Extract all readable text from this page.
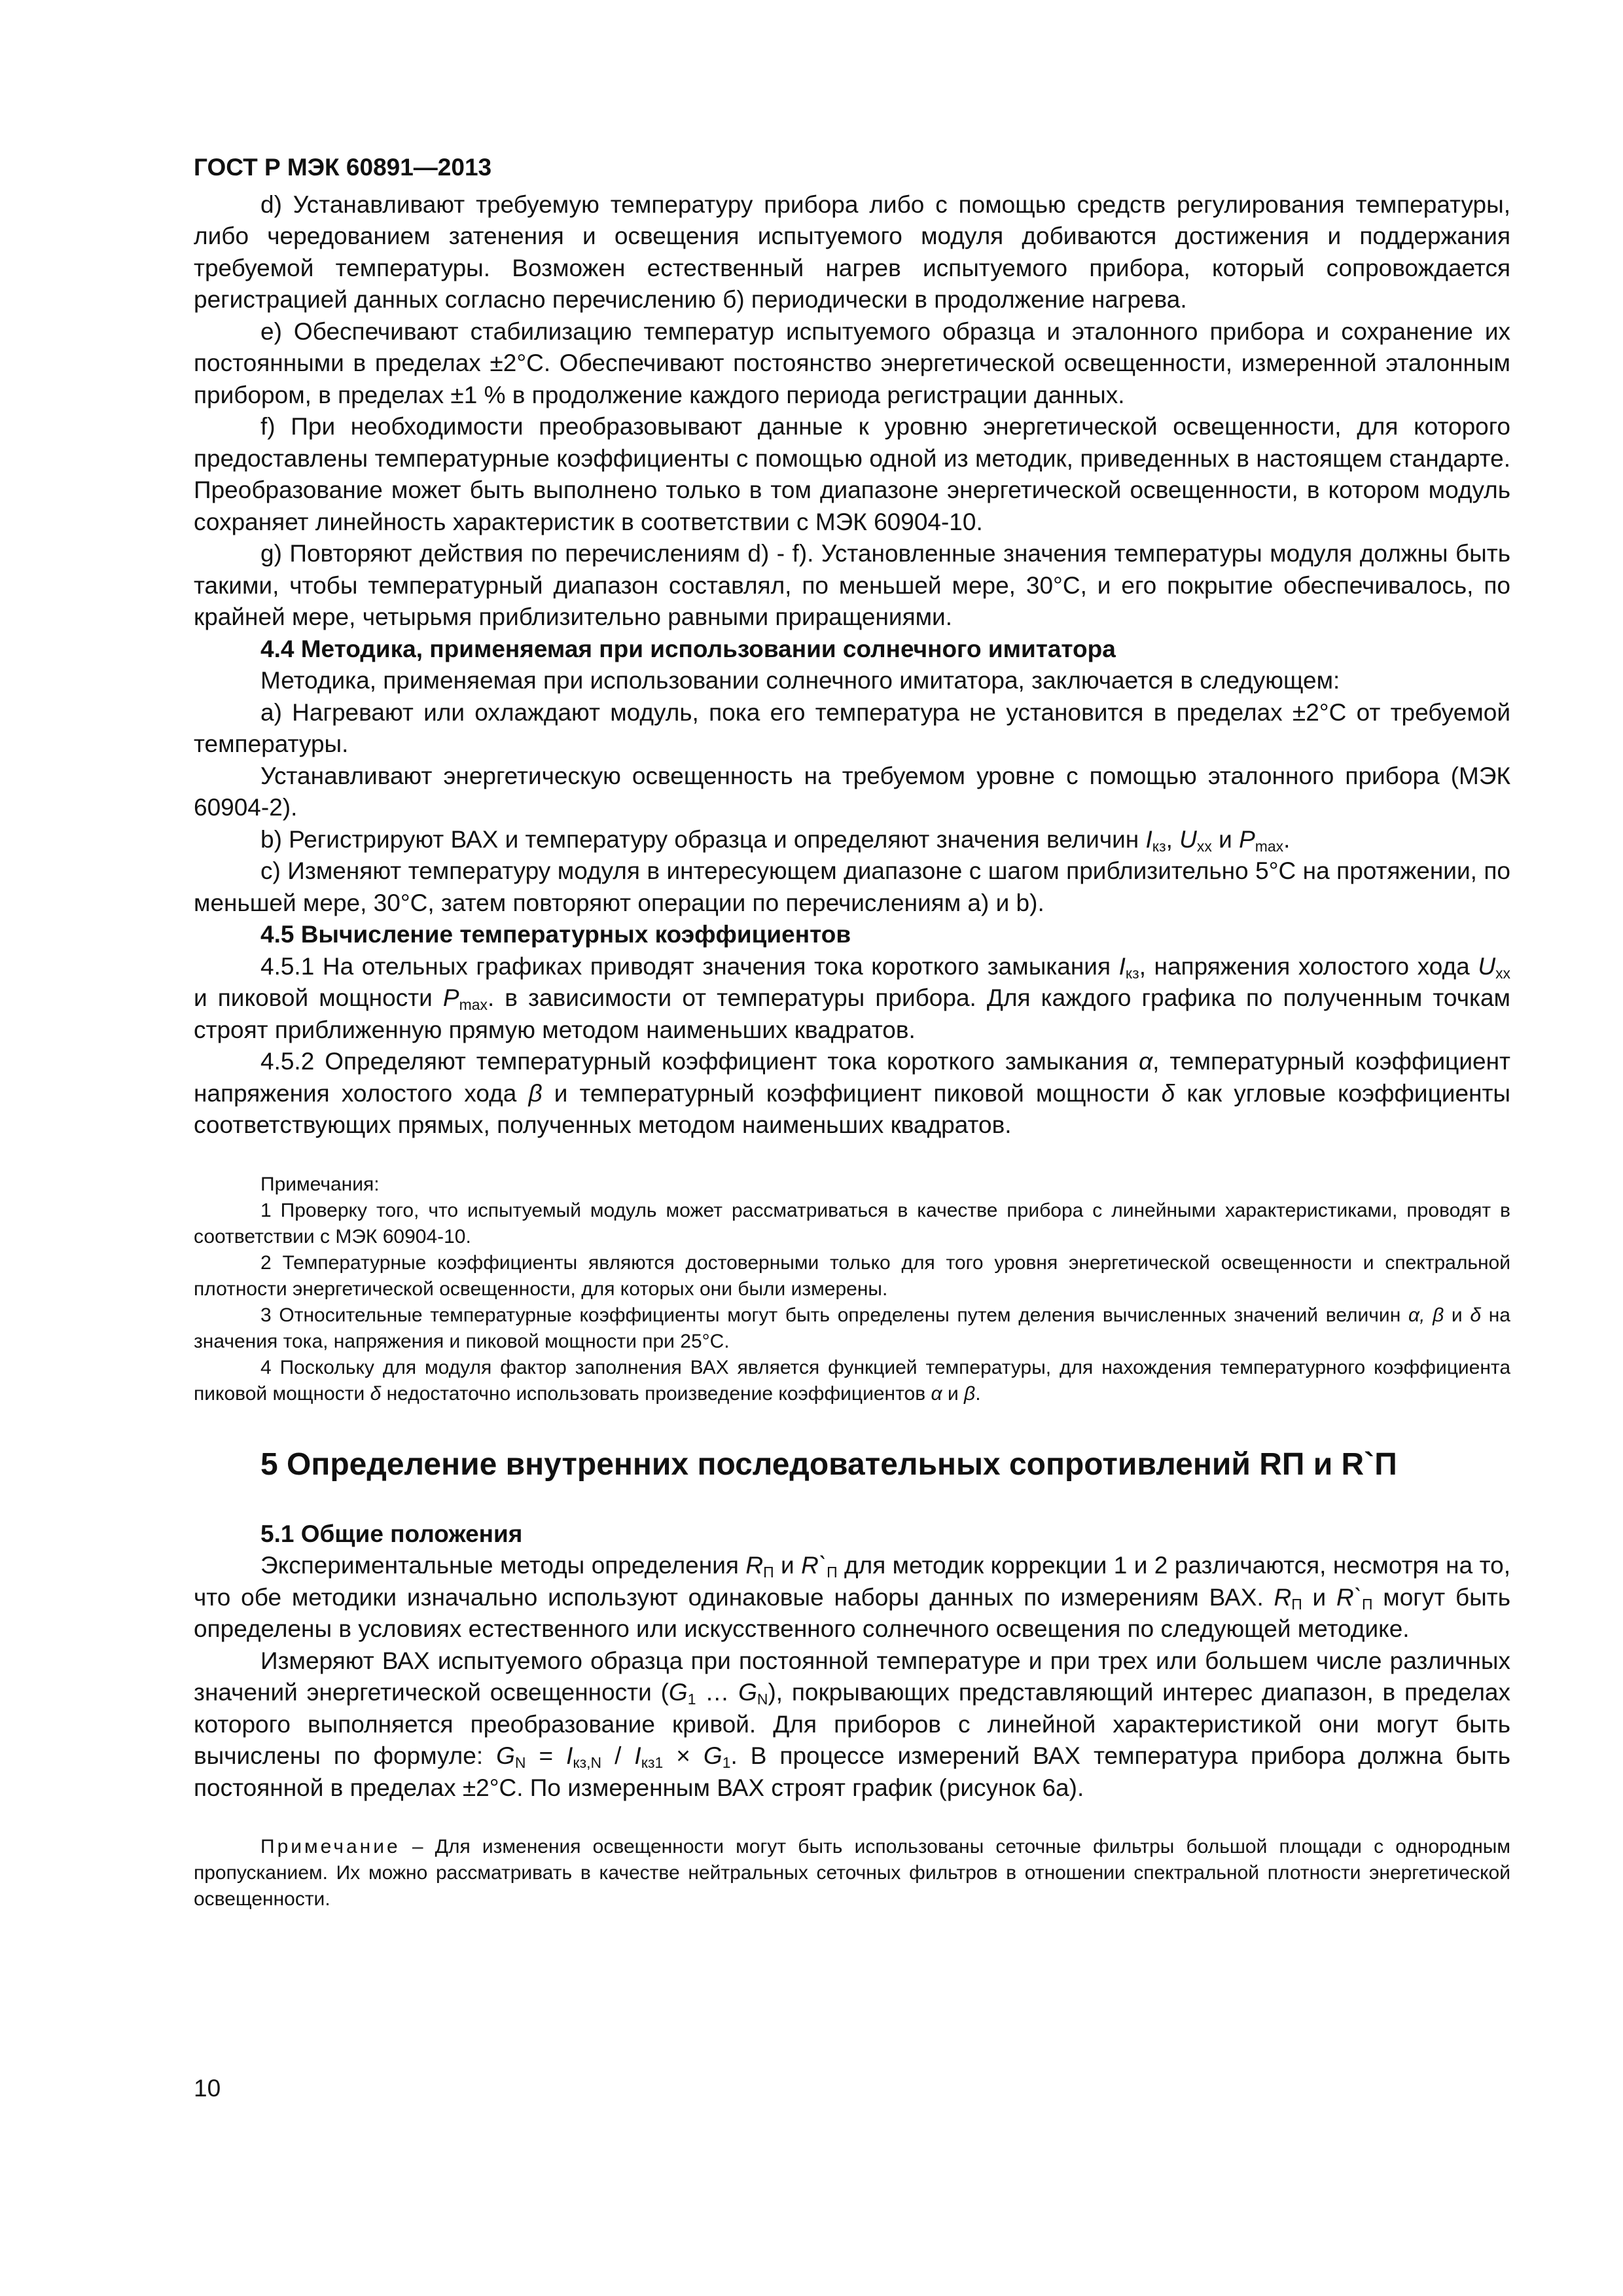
ГОСТ Р МЭК 60891—2013

d) Устанавливают требуемую температуру прибора либо с помощью средств регулирования температуры, либо чередованием затенения и освещения испытуемого модуля добиваются достижения и поддержания требуемой температуры. Возможен естественный нагрев испытуемого прибора, который сопровождается регистрацией данных согласно перечислению б) периодически в продолжение нагрева.

е) Обеспечивают стабилизацию температур испытуемого образца и эталонного прибора и сохранение их постоянными в пределах ±2°С. Обеспечивают постоянство энергетической освещенности, измеренной эталонным прибором, в пределах ±1 % в продолжение каждого периода регистрации данных.

f) При необходимости преобразовывают данные к уровню энергетической освещенности, для которого предоставлены температурные коэффициенты с помощью одной из методик, приведенных в настоящем стандарте. Преобразование может быть выполнено только в том диапазоне энергетической освещенности, в котором модуль сохраняет линейность характеристик в соответствии с МЭК 60904-10.

g) Повторяют действия по перечислениям d) - f). Установленные значения температуры модуля должны быть такими, чтобы температурный диапазон составлял, по меньшей мере, 30°С, и его покрытие обеспечивалось, по крайней мере, четырьмя приблизительно равными приращениями.

4.4 Методика, применяемая при использовании солнечного имитатора

Методика, применяемая при использовании солнечного имитатора, заключается в следующем:

а) Нагревают или охлаждают модуль, пока его температура не установится в пределах ±2°С от требуемой температуры.

Устанавливают энергетическую освещенность на требуемом уровне с помощью эталонного прибора (МЭК 60904-2).

b) Регистрируют ВАХ и температуру образца и определяют значения величин $I_{кз}$, $U_{хх}$ и $P_{max}$.

c) Изменяют температуру модуля в интересующем диапазоне с шагом приблизительно 5°С на протяжении, по меньшей мере, 30°С, затем повторяют операции по перечислениям а) и b).

4.5 Вычисление температурных коэффициентов

4.5.1 На отельных графиках приводят значения тока короткого замыкания $I_{кз}$, напряжения холостого хода $U_{хх}$ и пиковой мощности $P_{max}$. в зависимости от температуры прибора. Для каждого графика по полученным точкам строят приближенную прямую методом наименьших квадратов.

4.5.2 Определяют температурный коэффициент тока короткого замыкания α, температурный коэффициент напряжения холостого хода β и температурный коэффициент пиковой мощности δ как угловые коэффициенты соответствующих прямых, полученных методом наименьших квадратов.

Примечания:

1 Проверку того, что испытуемый модуль может рассматриваться в качестве прибора с линейными характеристиками, проводят в соответствии с МЭК 60904-10.

2 Температурные коэффициенты являются достоверными только для того уровня энергетической освещенности и спектральной плотности энергетической освещенности, для которых они были измерены.

3 Относительные температурные коэффициенты могут быть определены путем деления вычисленных значений величин α, β и δ на значения тока, напряжения и пиковой мощности при 25°С.

4 Поскольку для модуля фактор заполнения ВАХ является функцией температуры, для нахождения температурного коэффициента пиковой мощности δ недостаточно использовать произведение коэффициентов α и β.

5 Определение внутренних последовательных сопротивлений RП и R`П
5.1 Общие положения

Экспериментальные методы определения $R_П$ и $R`_П$ для методик коррекции 1 и 2 различаются, несмотря на то, что обе методики изначально используют одинаковые наборы данных по измерениям ВАХ. $R_П$ и $R`_П$ могут быть определены в условиях естественного или искусственного солнечного освещения по следующей методике.

Измеряют ВАХ испытуемого образца при постоянной температуре и при трех или большем числе различных значений энергетической освещенности ($G_1$ … $G_N$), покрывающих представляющий интерес диапазон, в пределах которого выполняется преобразование кривой. Для приборов с линейной характеристикой они могут быть вычислены по формуле: $G_N = I_{кз,N} / I_{кз1} \times G_1$. В процессе измерений ВАХ температура прибора должна быть постоянной в пределах ±2°С. По измеренным ВАХ строят график (рисунок 6а).

Примечание – Для изменения освещенности могут быть использованы сеточные фильтры большой площади с однородным пропусканием. Их можно рассматривать в качестве нейтральных сеточных фильтров в отношении спектральной плотности энергетической освещенности.

10
